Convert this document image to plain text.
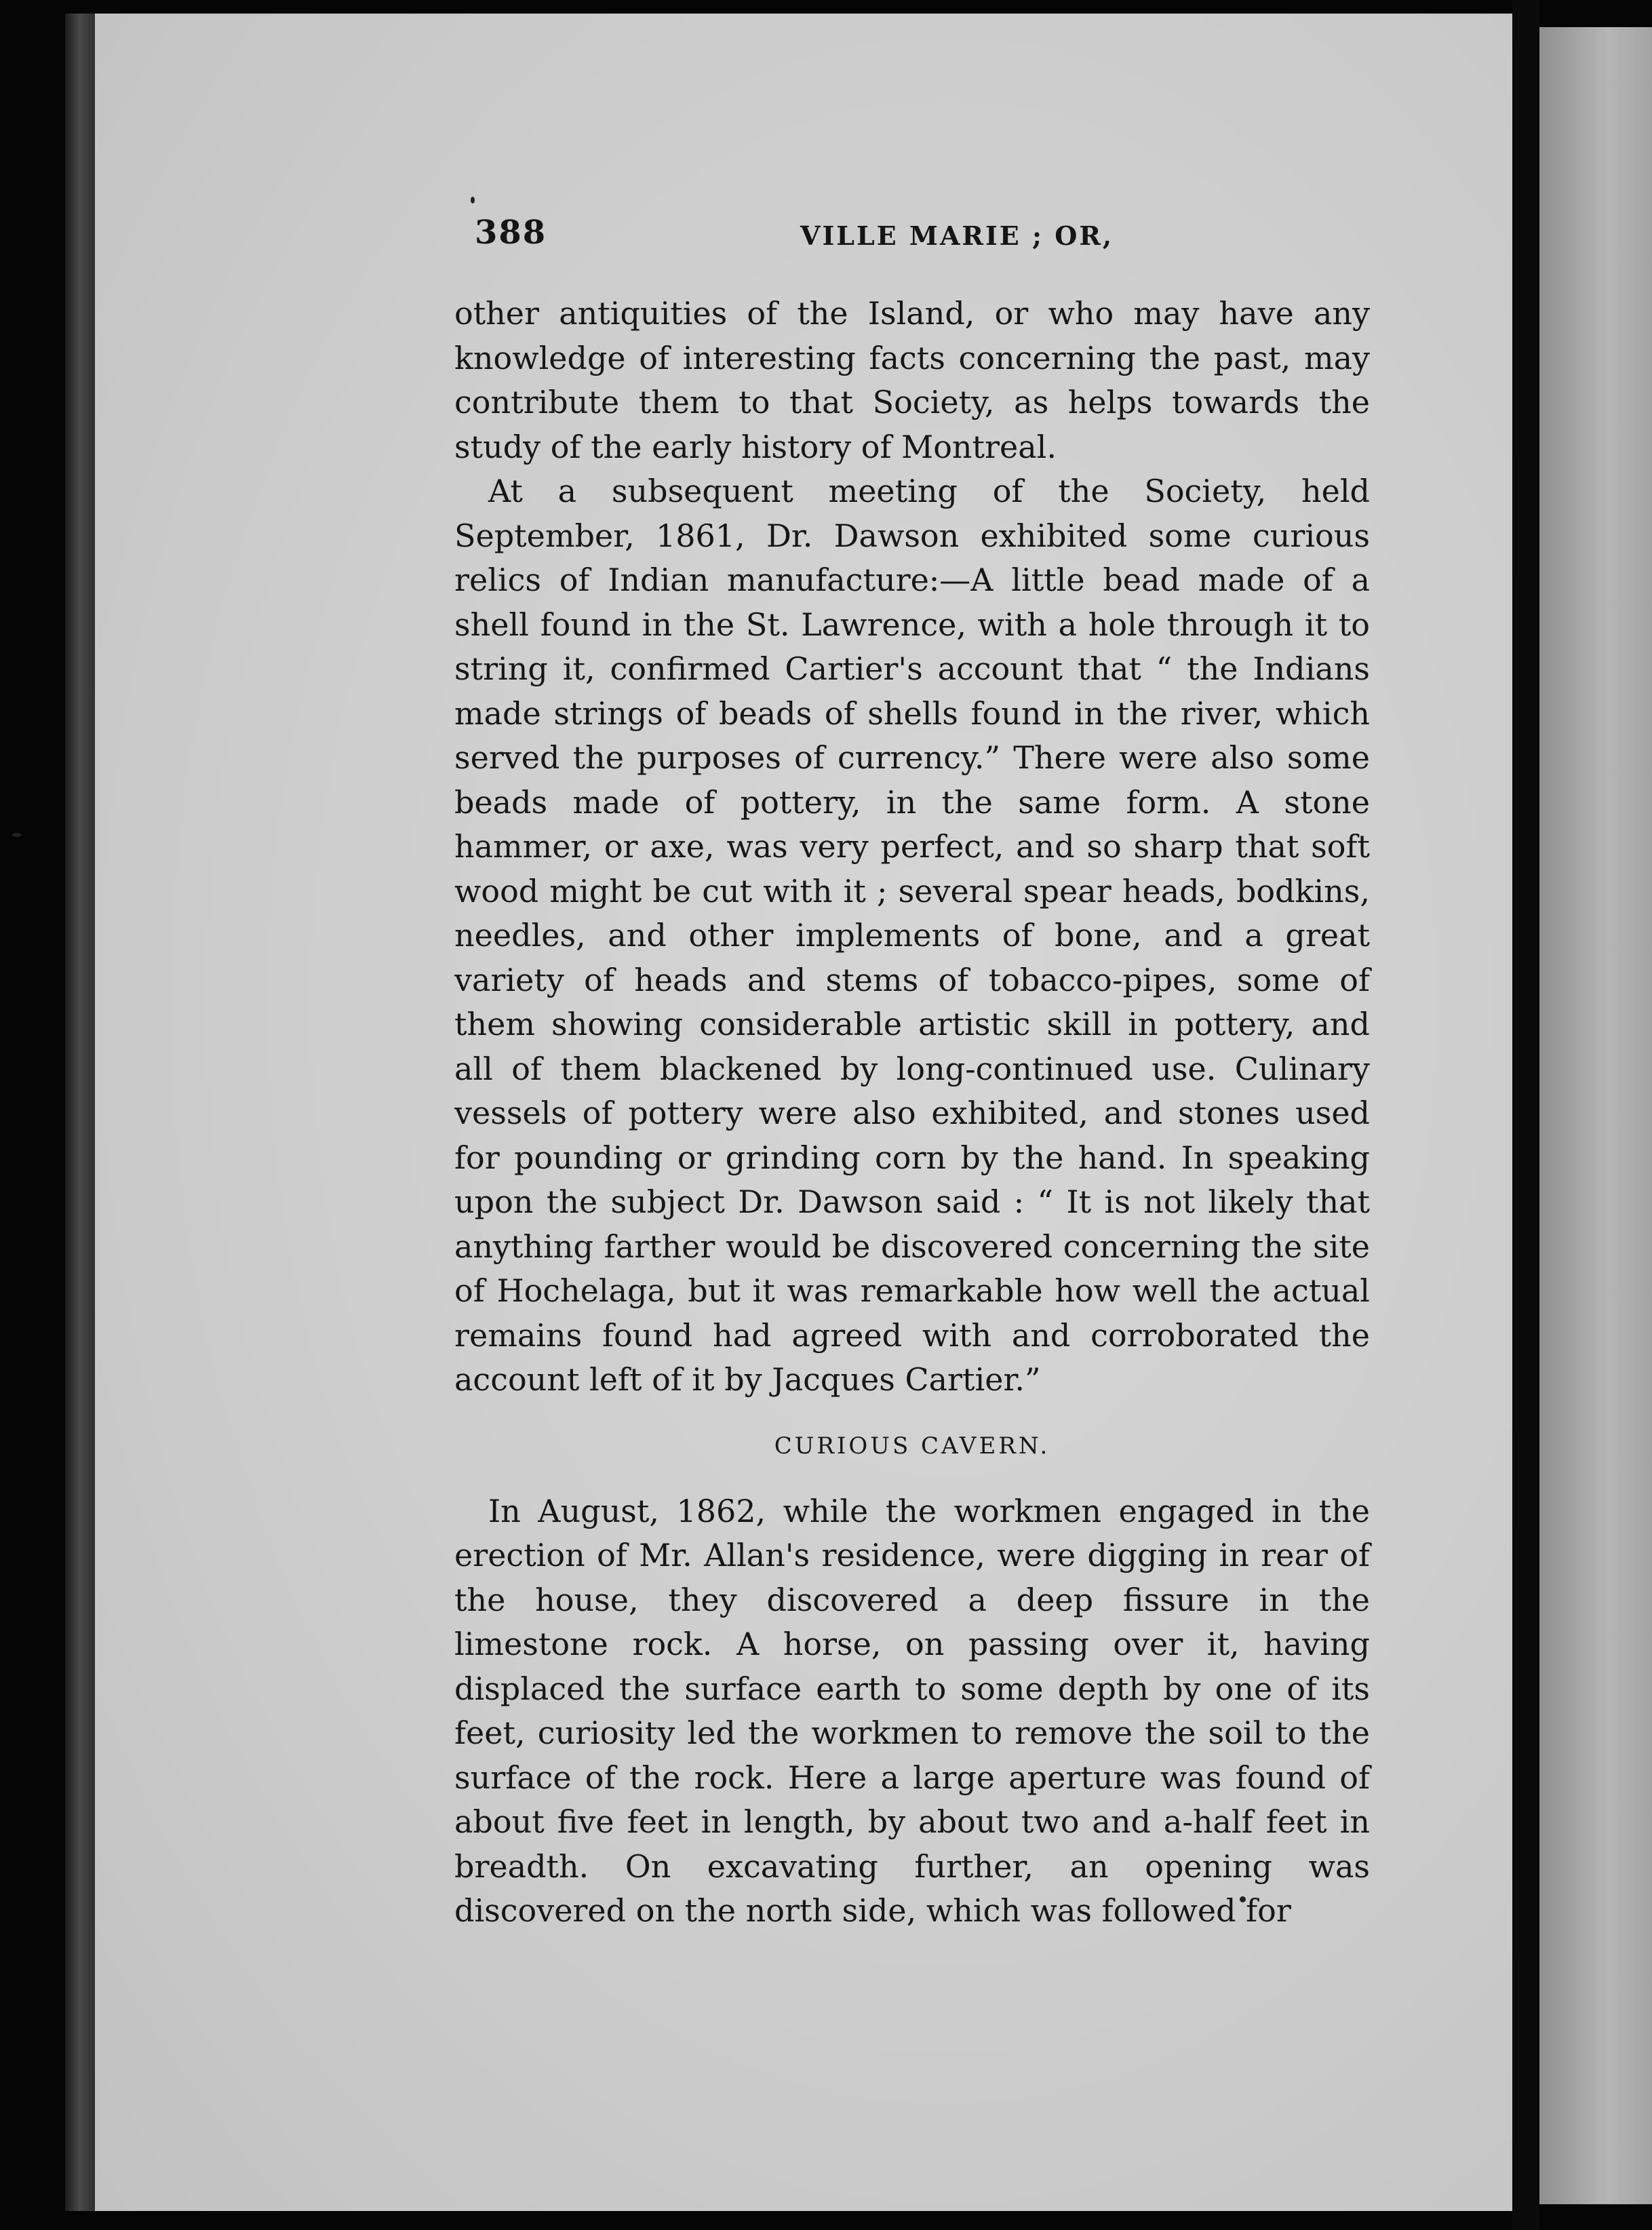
388	VILLE MARIE ; OR,

other antiquities of the Island, or who may have any knowledge of interesting facts concerning the past, may contribute them to that Society, as helps towards the study of the early history of Montreal.

At a subsequent meeting of the Society, held September, 1861, Dr. Dawson exhibited some curious relics of Indian manufacture:—A little bead made of a shell found in the St. Lawrence, with a hole through it to string it, confirmed Cartier's account that “ the Indians made strings of beads of shells found in the river, which served the purposes of currency.” There were also some beads made of pottery, in the same form. A stone hammer, or axe, was very perfect, and so sharp that soft wood might be cut with it ; several spear heads, bodkins, needles, and other implements of bone, and a great variety of heads and stems of tobacco-pipes, some of them showing considerable artistic skill in pottery, and all of them blackened by long-continued use. Culinary vessels of pottery were also exhibited, and stones used for pounding or grinding corn by the hand. In speaking upon the subject Dr. Dawson said : “ It is not likely that anything farther would be discovered concerning the site of Hochelaga, but it was remarkable how well the actual remains found had agreed with and corroborated the account left of it by Jacques Cartier.”

CURIOUS CAVERN.

In August, 1862, while the workmen engaged in the erection of Mr. Allan's residence, were digging in rear of the house, they discovered a deep fissure in the limestone rock. A horse, on passing over it, having displaced the surface earth to some depth by one of its feet, curiosity led the workmen to remove the soil to the surface of the rock. Here a large aperture was found of about five feet in length, by about two and a-half feet in breadth. On excavating further, an opening was discovered on the north side, which was followed for
